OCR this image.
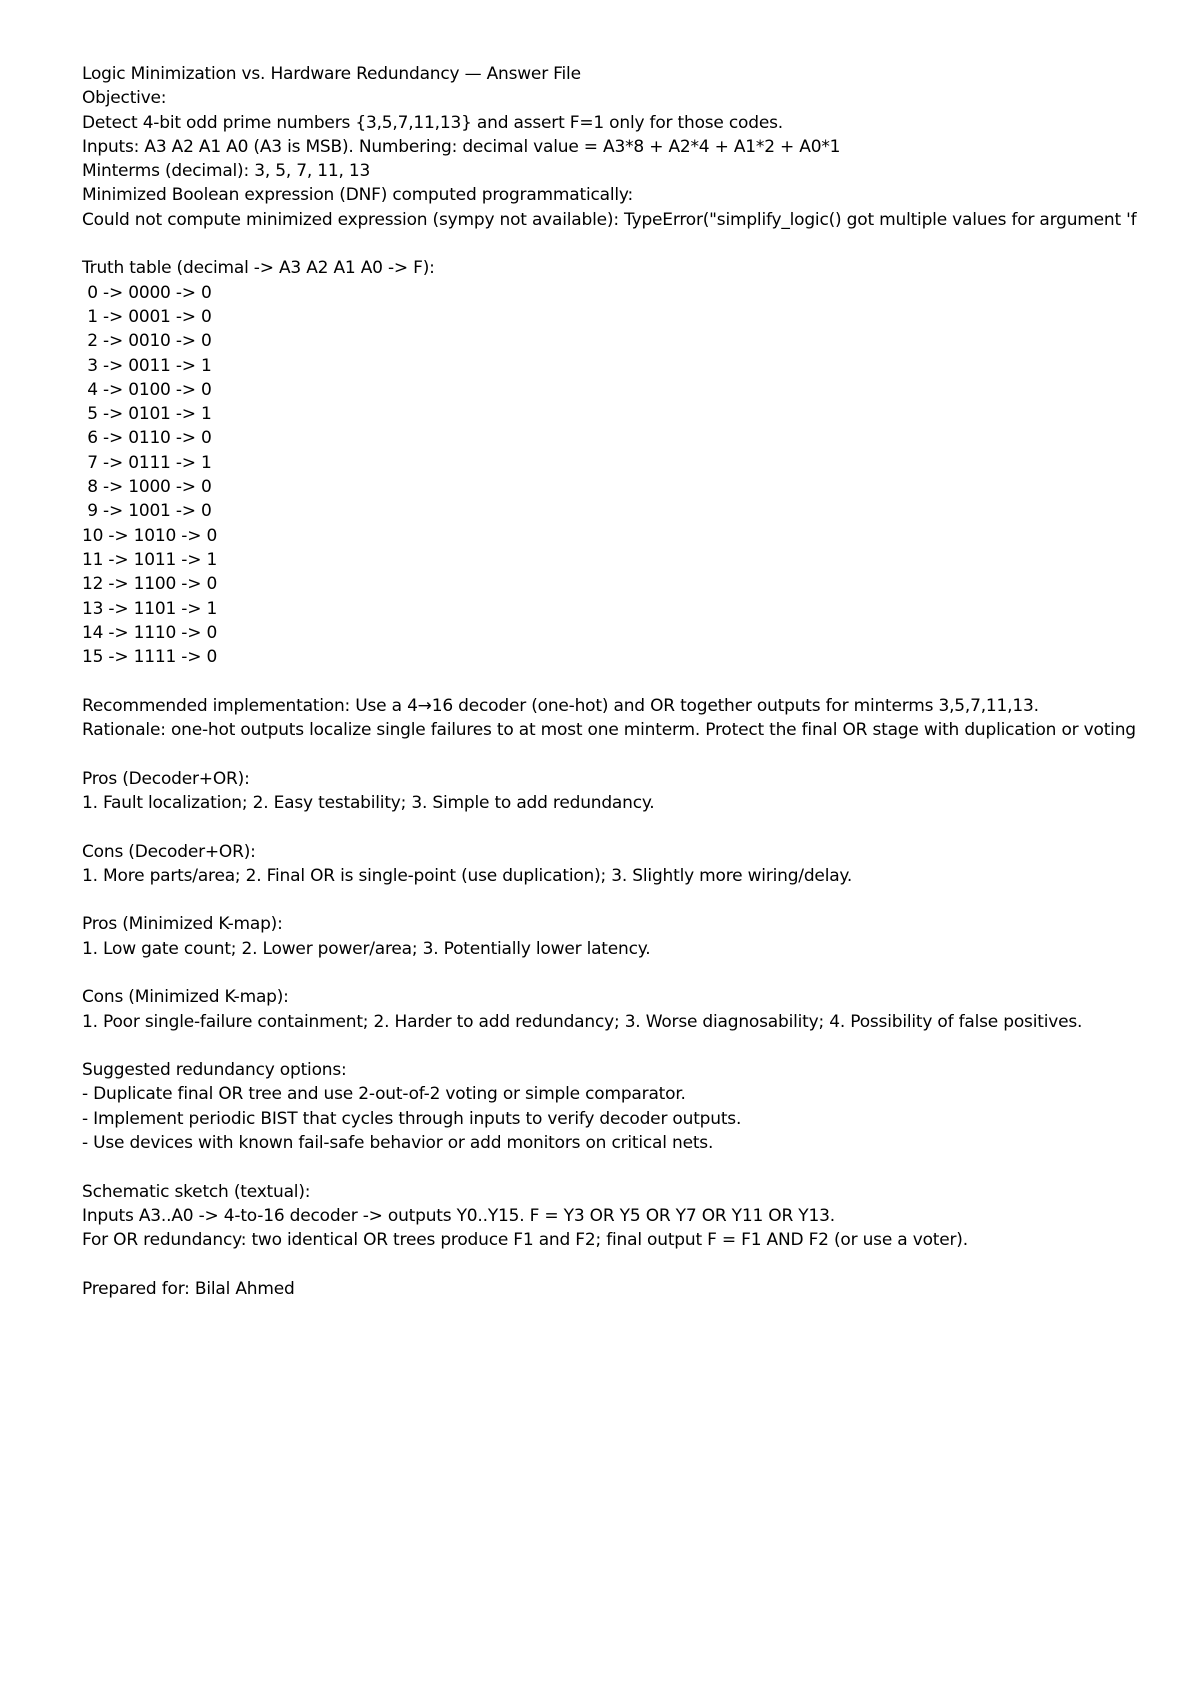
Logic Minimization vs. Hardware Redundancy — Answer File
Objective:
Detect 4-bit odd prime numbers {3,5,7,11,13} and assert F=1 only for those codes.
Inputs: A3 A2 A1 A0 (A3 is MSB). Numbering: decimal value = A3*8 + A2*4 + A1*2 + A0*1
Minterms (decimal): 3, 5, 7, 11, 13
Minimized Boolean expression (DNF) computed programmatically:
Could not compute minimized expression (sympy not available): TypeError("simplify_logic() got multiple values for argument 'f
Truth table (decimal -> A3 A2 A1 A0 -> F):
0 -> 0000 -> 0
1 -> 0001 -> 0
2 -> 0010 -> 0
3 -> 0011 -> 1
4 -> 0100 -> 0
5 -> 0101 -> 1
6 -> 0110 -> 0
7 -> 0111 -> 1
8 -> 1000 -> 0
9 -> 1001 -> 0
10 -> 1010 -> 0
11 -> 1011 -> 1
12 -> 1100 -> 0
13 -> 1101 -> 1
14 -> 1110 -> 0
15 -> 1111 -> 0
Recommended implementation: Use a 4→16 decoder (one-hot) and OR together outputs for minterms 3,5,7,11,13.
Rationale: one-hot outputs localize single failures to at most one minterm. Protect the final OR stage with duplication or voting
Pros (Decoder+OR):
1. Fault localization; 2. Easy testability; 3. Simple to add redundancy.
Cons (Decoder+OR):
1. More parts/area; 2. Final OR is single-point (use duplication); 3. Slightly more wiring/delay.
Pros (Minimized K-map):
1. Low gate count; 2. Lower power/area; 3. Potentially lower latency.
Cons (Minimized K-map):
1. Poor single-failure containment; 2. Harder to add redundancy; 3. Worse diagnosability; 4. Possibility of false positives.
Suggested redundancy options:
- Duplicate final OR tree and use 2-out-of-2 voting or simple comparator.
- Implement periodic BIST that cycles through inputs to verify decoder outputs.
- Use devices with known fail-safe behavior or add monitors on critical nets.
Schematic sketch (textual):
Inputs A3..A0 -> 4-to-16 decoder -> outputs Y0..Y15. F = Y3 OR Y5 OR Y7 OR Y11 OR Y13.
For OR redundancy: two identical OR trees produce F1 and F2; final output F = F1 AND F2 (or use a voter).
Prepared for: Bilal Ahmed
